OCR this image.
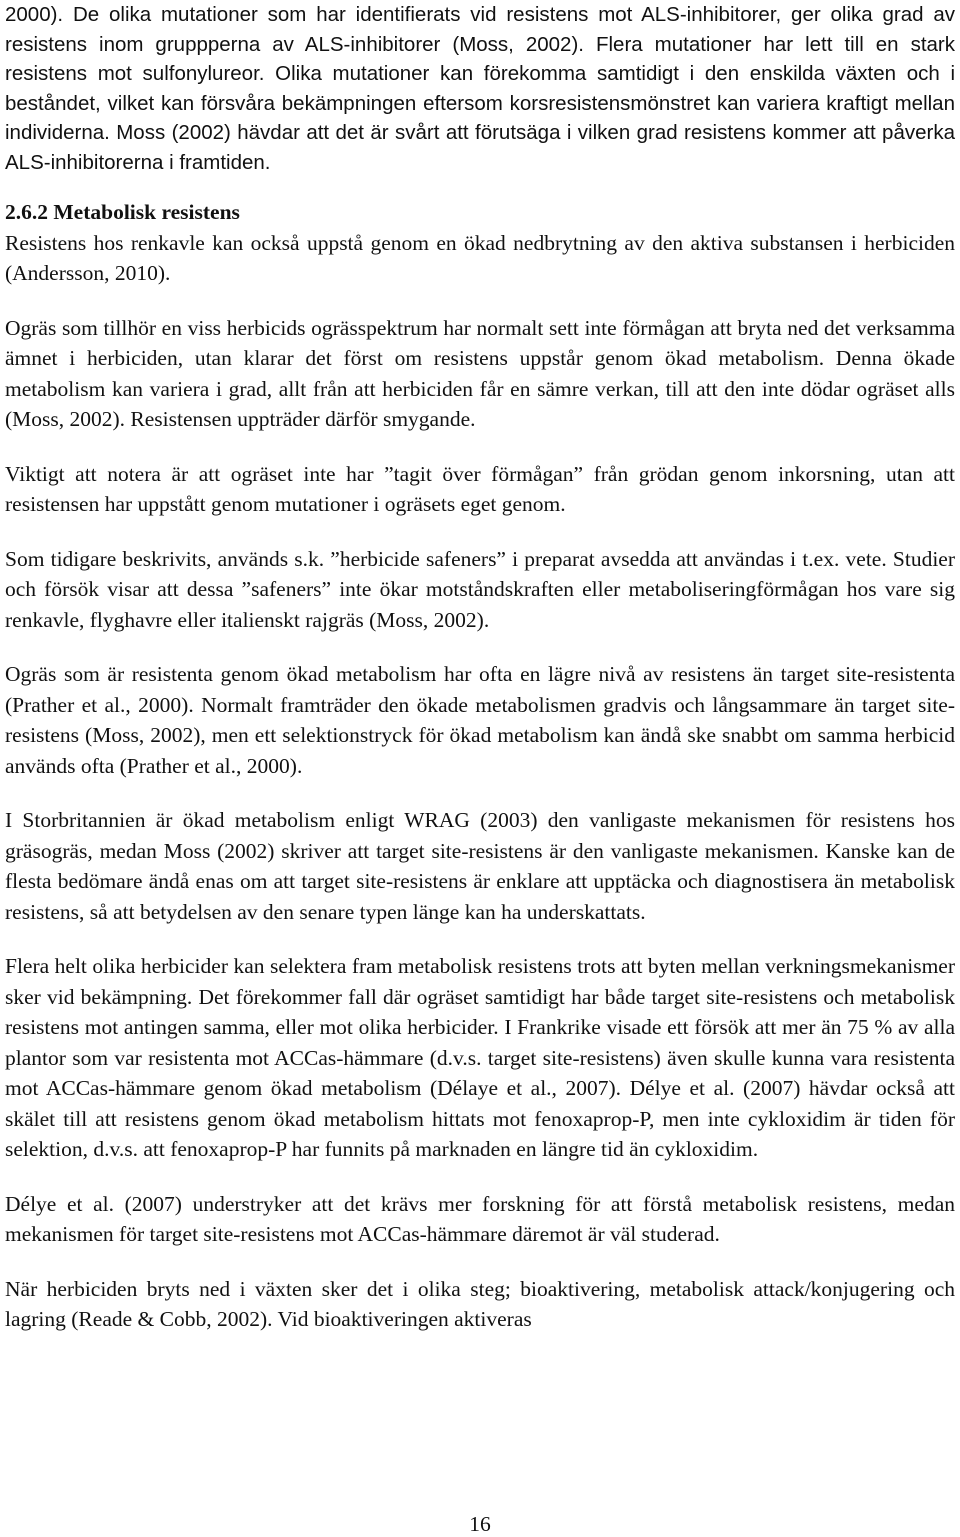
2000). De olika mutationer som har identifierats vid resistens mot ALS-inhibitorer, ger olika grad av resistens inom gruppperna av ALS-inhibitorer (Moss, 2002). Flera mutationer har lett till en stark resistens mot sulfonylureor. Olika mutationer kan förekomma samtidigt i den enskilda växten och i beståndet, vilket kan försvåra bekämpningen eftersom korsresistensmönstret kan variera kraftigt mellan individerna. Moss (2002) hävdar att det är svårt att förutsäga i vilken grad resistens kommer att påverka ALS-inhibitorerna i framtiden.

2.6.2 Metabolisk resistens

Resistens hos renkavle kan också uppstå genom en ökad nedbrytning av den aktiva substansen i herbiciden (Andersson, 2010).

Ogräs som tillhör en viss herbicids ogrässpektrum har normalt sett inte förmågan att bryta ned det verksamma ämnet i herbiciden, utan klarar det först om resistens uppstår genom ökad metabolism. Denna ökade metabolism kan variera i grad, allt från att herbiciden får en sämre verkan, till att den inte dödar ogräset alls (Moss, 2002). Resistensen uppträder därför smygande.

Viktigt att notera är att ogräset inte har ”tagit över förmågan” från grödan genom inkorsning, utan att resistensen har uppstått genom mutationer i ogräsets eget genom.

Som tidigare beskrivits, används s.k. ”herbicide safeners” i preparat avsedda att användas i t.ex. vete. Studier och försök visar att dessa ”safeners” inte ökar motståndskraften eller metaboliseringförmågan hos vare sig renkavle, flyghavre eller italienskt rajgräs (Moss, 2002).

Ogräs som är resistenta genom ökad metabolism har ofta en lägre nivå av resistens än target site-resistenta (Prather et al., 2000). Normalt framträder den ökade metabolismen gradvis och långsammare än target site-resistens (Moss, 2002), men ett selektionstryck för ökad metabolism kan ändå ske snabbt om samma herbicid används ofta (Prather et al., 2000).

I Storbritannien är ökad metabolism enligt WRAG (2003) den vanligaste mekanismen för resistens hos gräsogräs, medan Moss (2002) skriver att target site-resistens är den vanligaste mekanismen. Kanske kan de flesta bedömare ändå enas om att target site-resistens är enklare att upptäcka och diagnostisera än metabolisk resistens, så att betydelsen av den senare typen länge kan ha underskattats.

Flera helt olika herbicider kan selektera fram metabolisk resistens trots att byten mellan verkningsmekanismer sker vid bekämpning. Det förekommer fall där ogräset samtidigt har både target site-resistens och metabolisk resistens mot antingen samma, eller mot olika herbicider. I Frankrike visade ett försök att mer än 75 % av alla plantor som var resistenta mot ACCas-hämmare (d.v.s. target site-resistens) även skulle kunna vara resistenta mot ACCas-hämmare genom ökad metabolism (Délaye et al., 2007). Délye et al. (2007) hävdar också att skälet till att resistens genom ökad metabolism hittats mot fenoxaprop-P, men inte cykloxidim är tiden för selektion, d.v.s. att fenoxaprop-P har funnits på marknaden en längre tid än cykloxidim.

Délye et al. (2007) understryker att det krävs mer forskning för att förstå metabolisk resistens, medan mekanismen för target site-resistens mot ACCas-hämmare däremot är väl studerad.

När herbiciden bryts ned i växten sker det i olika steg; bioaktivering, metabolisk attack/konjugering och lagring (Reade & Cobb, 2002). Vid bioaktiveringen aktiveras

16
